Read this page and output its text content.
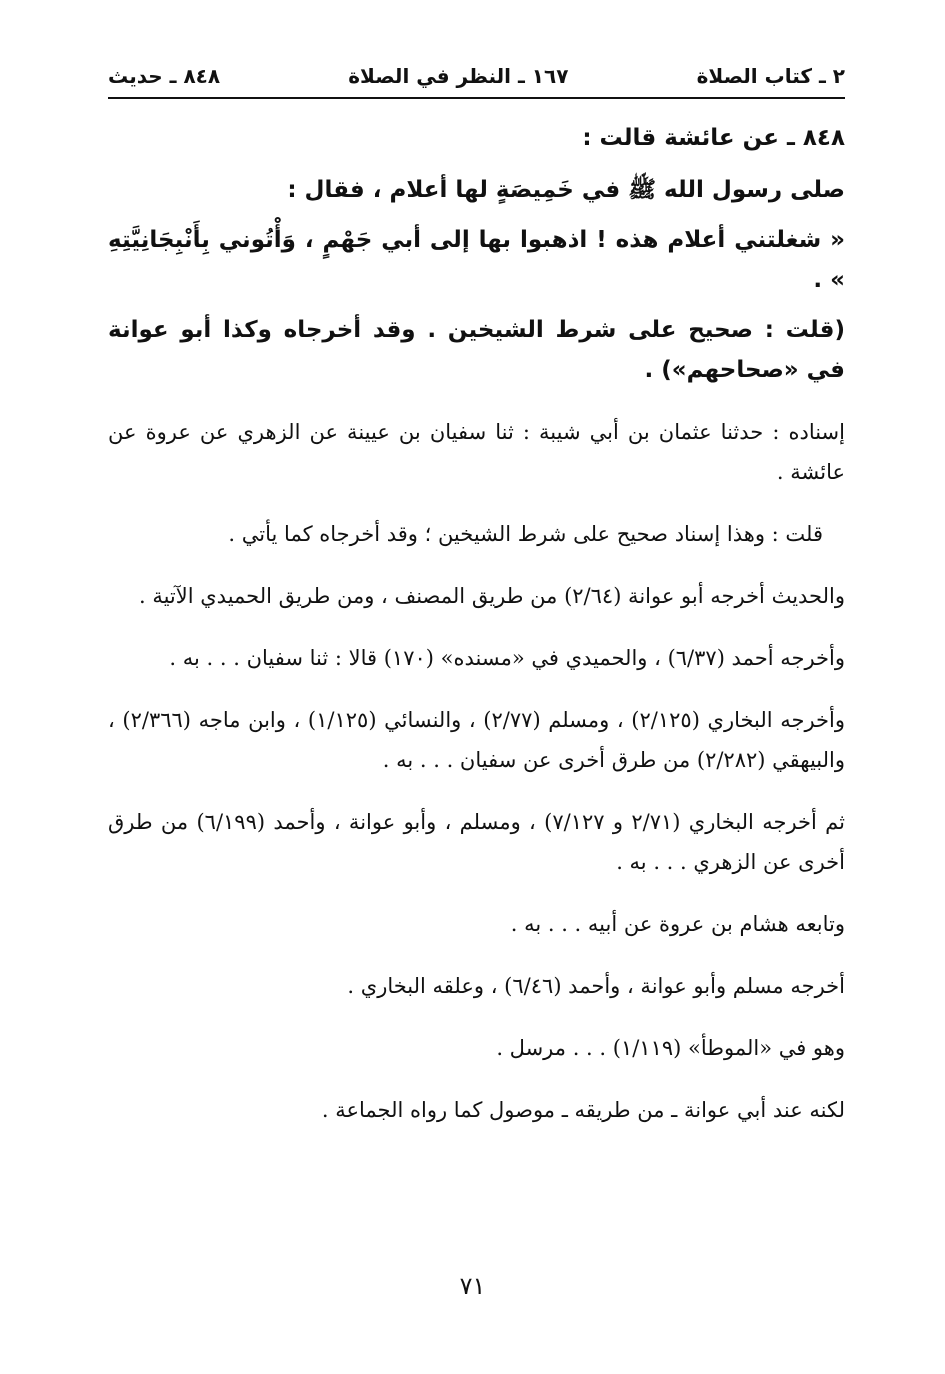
٢ ـ كتاب الصلاة
١٦٧ ـ النظر في الصلاة
٨٤٨ ـ حديث

٨٤٨ ـ عن عائشة قالت :

صلى رسول الله ﷺ في خَمِيصَةٍ لها أعلام ، فقال :

« شغلتني أعلام هذه ! اذهبوا بها إلى أبي جَهْمٍ ، وَأْتُوني بِأَنْبِجَانِيَّتِهِ » .

(قلت : صحيح على شرط الشيخين . وقد أخرجاه وكذا أبو عوانة في «صحاحهم») .

إسناده : حدثنا عثمان بن أبي شيبة : ثنا سفيان بن عيينة عن الزهري عن عروة عن عائشة .

قلت : وهذا إسناد صحيح على شرط الشيخين ؛ وقد أخرجاه كما يأتي .

والحديث أخرجه أبو عوانة (٢/٦٤) من طريق المصنف ، ومن طريق الحميدي الآتية .

وأخرجه أحمد (٦/٣٧) ، والحميدي في «مسنده» (١٧٠) قالا : ثنا سفيان . . . به .

وأخرجه البخاري (٢/١٢٥) ، ومسلم (٢/٧٧) ، والنسائي (١/١٢٥) ، وابن ماجه (٢/٣٦٦) ، والبيهقي (٢/٢٨٢) من طرق أخرى عن سفيان . . . به .

ثم أخرجه البخاري (٢/٧١ و ٧/١٢٧) ، ومسلم ، وأبو عوانة ، وأحمد (٦/١٩٩) من طرق أخرى عن الزهري . . . به .

وتابعه هشام بن عروة عن أبيه . . . به .

أخرجه مسلم وأبو عوانة ، وأحمد (٦/٤٦) ، وعلقه البخاري .

وهو في «الموطأ» (١/١١٩) . . . مرسل .

لكنه عند أبي عوانة ـ من طريقه ـ موصول كما رواه الجماعة .

٧١
